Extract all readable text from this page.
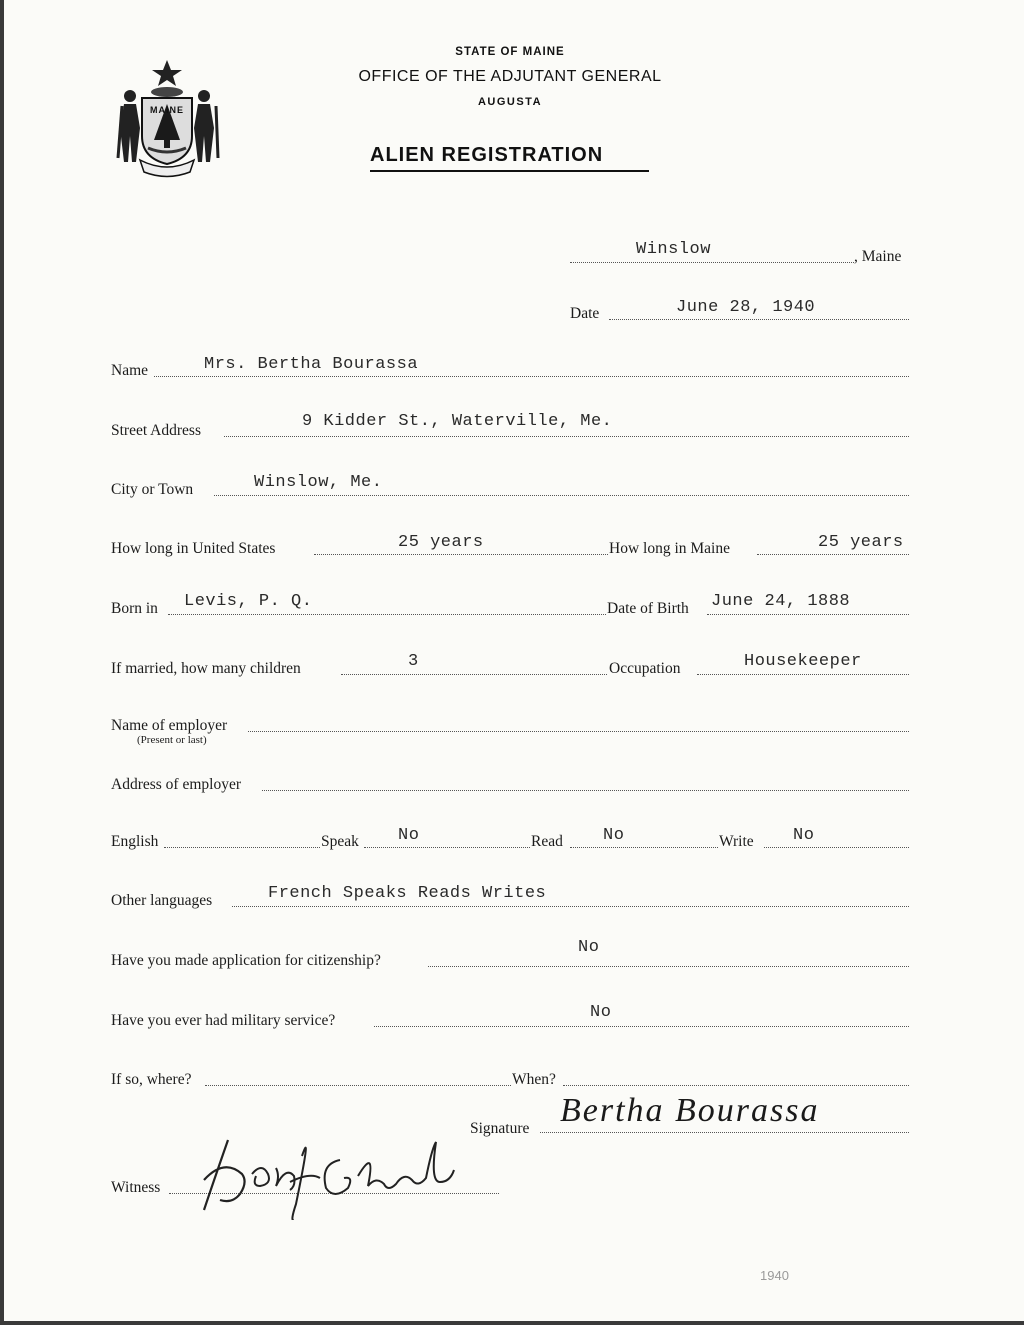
MAINE
STATE OF MAINE
OFFICE OF THE ADJUTANT GENERAL
AUGUSTA
ALIEN REGISTRATION
Winslow	, Maine
Date	June 28, 1940
Name	Mrs. Bertha Bourassa
Street Address	9 Kidder St., Waterville, Me.
City or Town	Winslow, Me.
How long in United States	25 years	How long in Maine	25 years
Born in Levis, P. Q.	Date of Birth June 24, 1888
If married, how many children	3	Occupation	Housekeeper
Name of employer
(Present or last)
Address of employer
English	Speak No	Read No	Write No
Other languages	French Speaks Reads Writes
Have you made application for citizenship?
No
Have you ever had military service?	No
If so, where?	When?
Signature Bertha Bourassa
Witness
1940
